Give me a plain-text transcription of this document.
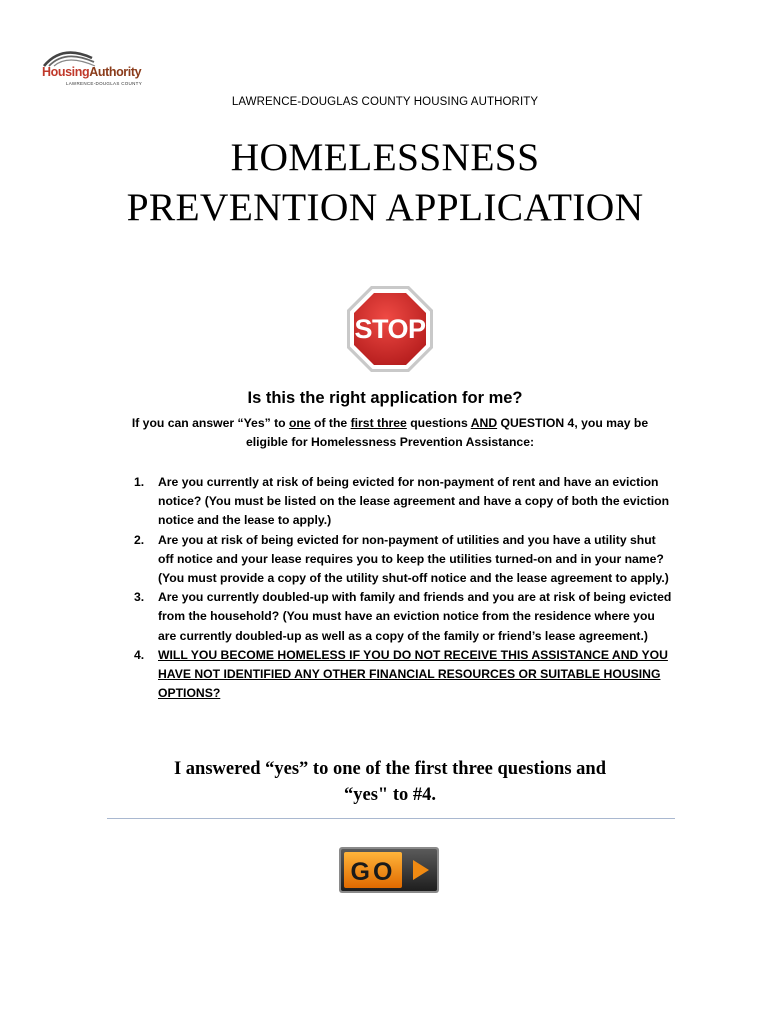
HousingAuthority
LAWRENCE-DOUGLAS COUNTY
LAWRENCE-DOUGLAS COUNTY HOUSING AUTHORITY
HOMELESSNESS
PREVENTION APPLICATION
STOP
Is this the right application for me?
If you can answer “Yes” to one of the first three questions AND QUESTION 4, you may be eligible for Homelessness Prevention Assistance:
1. Are you currently at risk of being evicted for non-payment of rent and have an eviction notice? (You must be listed on the lease agreement and have a copy of both the eviction notice and the lease to apply.)
2. Are you at risk of being evicted for non-payment of utilities and you have a utility shut off notice and your lease requires you to keep the utilities turned-on and in your name? (You must provide a copy of the utility shut-off notice and the lease agreement to apply.)
3. Are you currently doubled-up with family and friends and you are at risk of being evicted from the household? (You must have an eviction notice from the residence where you are currently doubled-up as well as a copy of the family or friend’s lease agreement.)
4. WILL YOU BECOME HOMELESS IF YOU DO NOT RECEIVE THIS ASSISTANCE AND YOU HAVE NOT IDENTIFIED ANY OTHER FINANCIAL RESOURCES OR SUITABLE HOUSING OPTIONS?
I answered “yes” to one of the first three questions and
“yes" to #4.
GO
